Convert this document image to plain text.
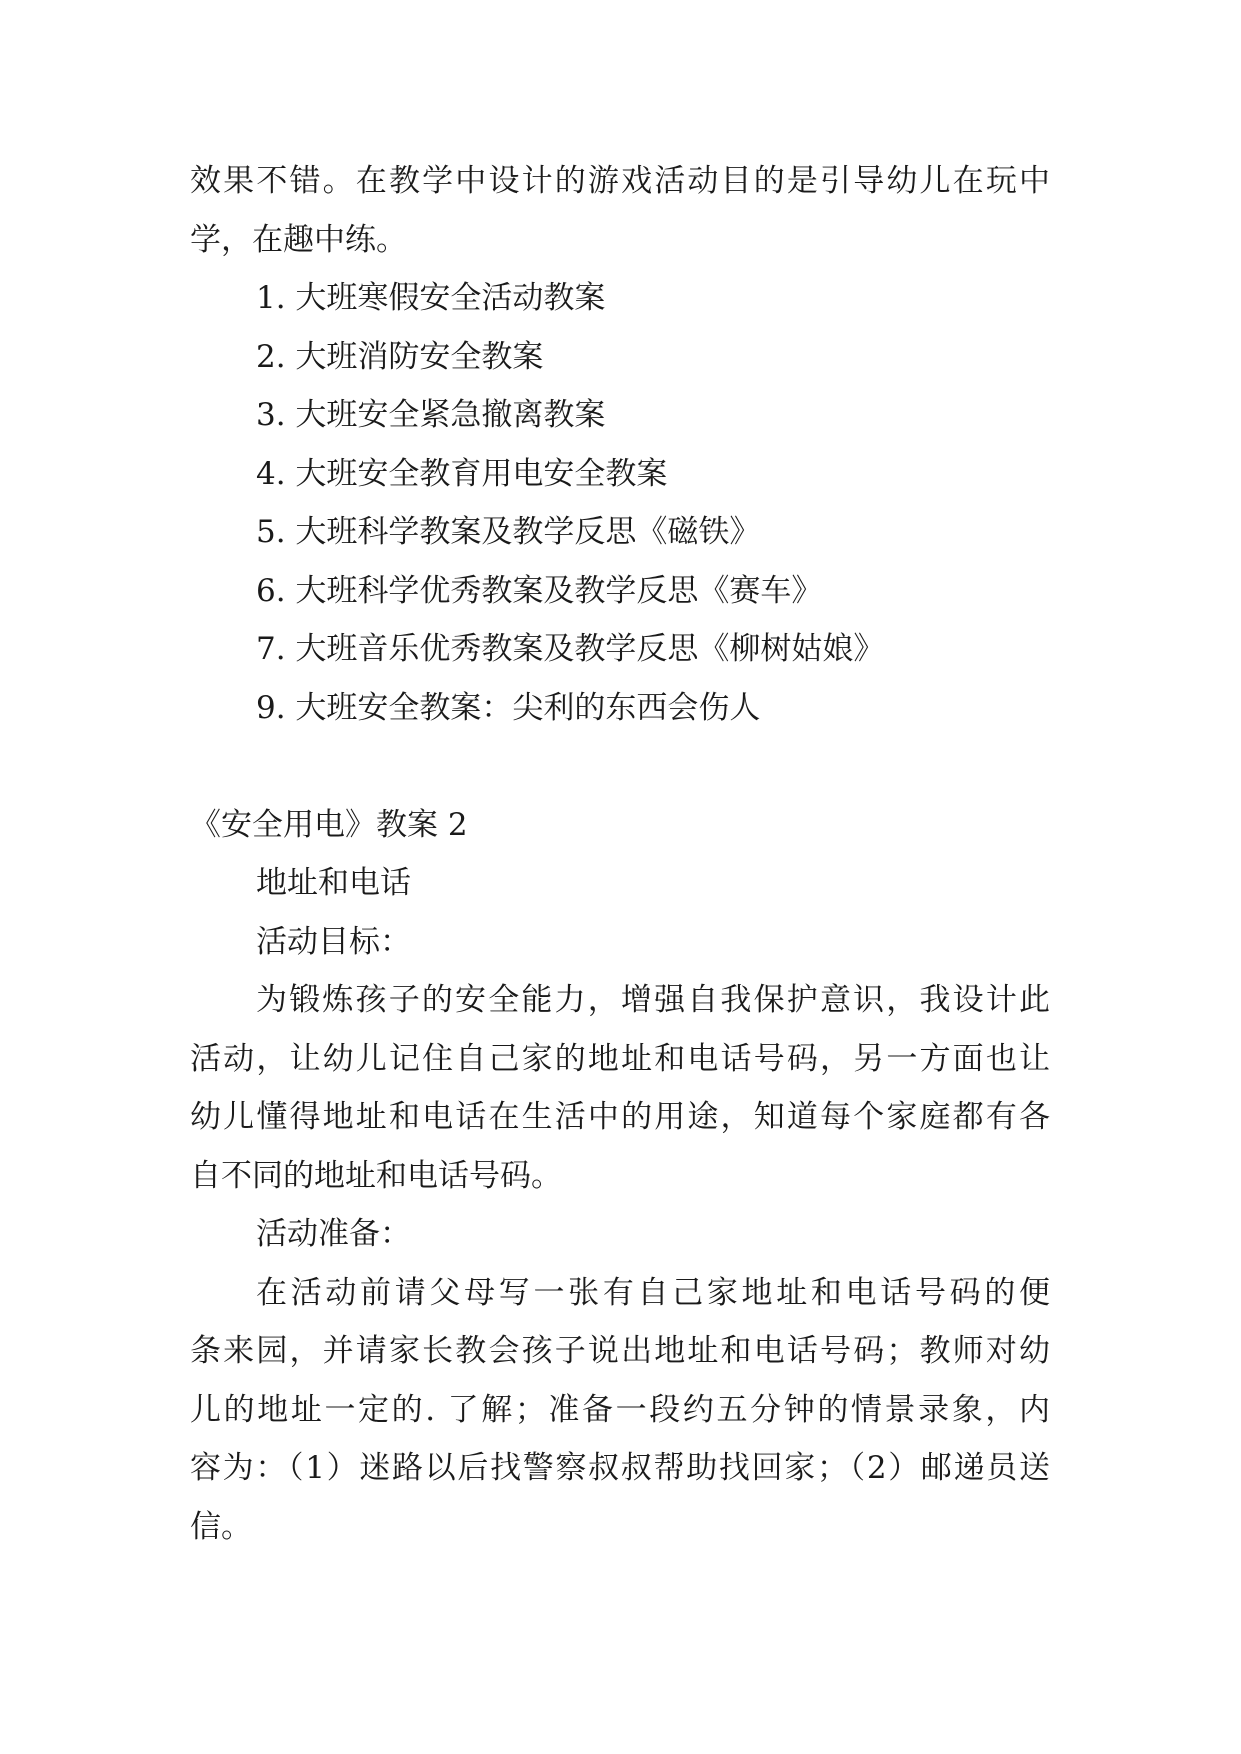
效果不错。在教学中设计的游戏活动目的是引导幼儿在玩中
学，在趣中练。
1. 大班寒假安全活动教案
2. 大班消防安全教案
3. 大班安全紧急撤离教案
4. 大班安全教育用电安全教案
5. 大班科学教案及教学反思《磁铁》
6. 大班科学优秀教案及教学反思《赛车》
7. 大班音乐优秀教案及教学反思《柳树姑娘》
9. 大班安全教案：尖利的东西会伤人
《安全用电》教案 2
地址和电话
活动目标：
为锻炼孩子的安全能力，增强自我保护意识，我设计此
活动，让幼儿记住自己家的地址和电话号码，另一方面也让
幼儿懂得地址和电话在生活中的用途，知道每个家庭都有各
自不同的地址和电话号码。
活动准备：
在活动前请父母写一张有自己家地址和电话号码的便
条来园，并请家长教会孩子说出地址和电话号码；教师对幼
儿的地址一定的. 了解；准备一段约五分钟的情景录象，内
容为：（1）迷路以后找警察叔叔帮助找回家；（2）邮递员送
信。
